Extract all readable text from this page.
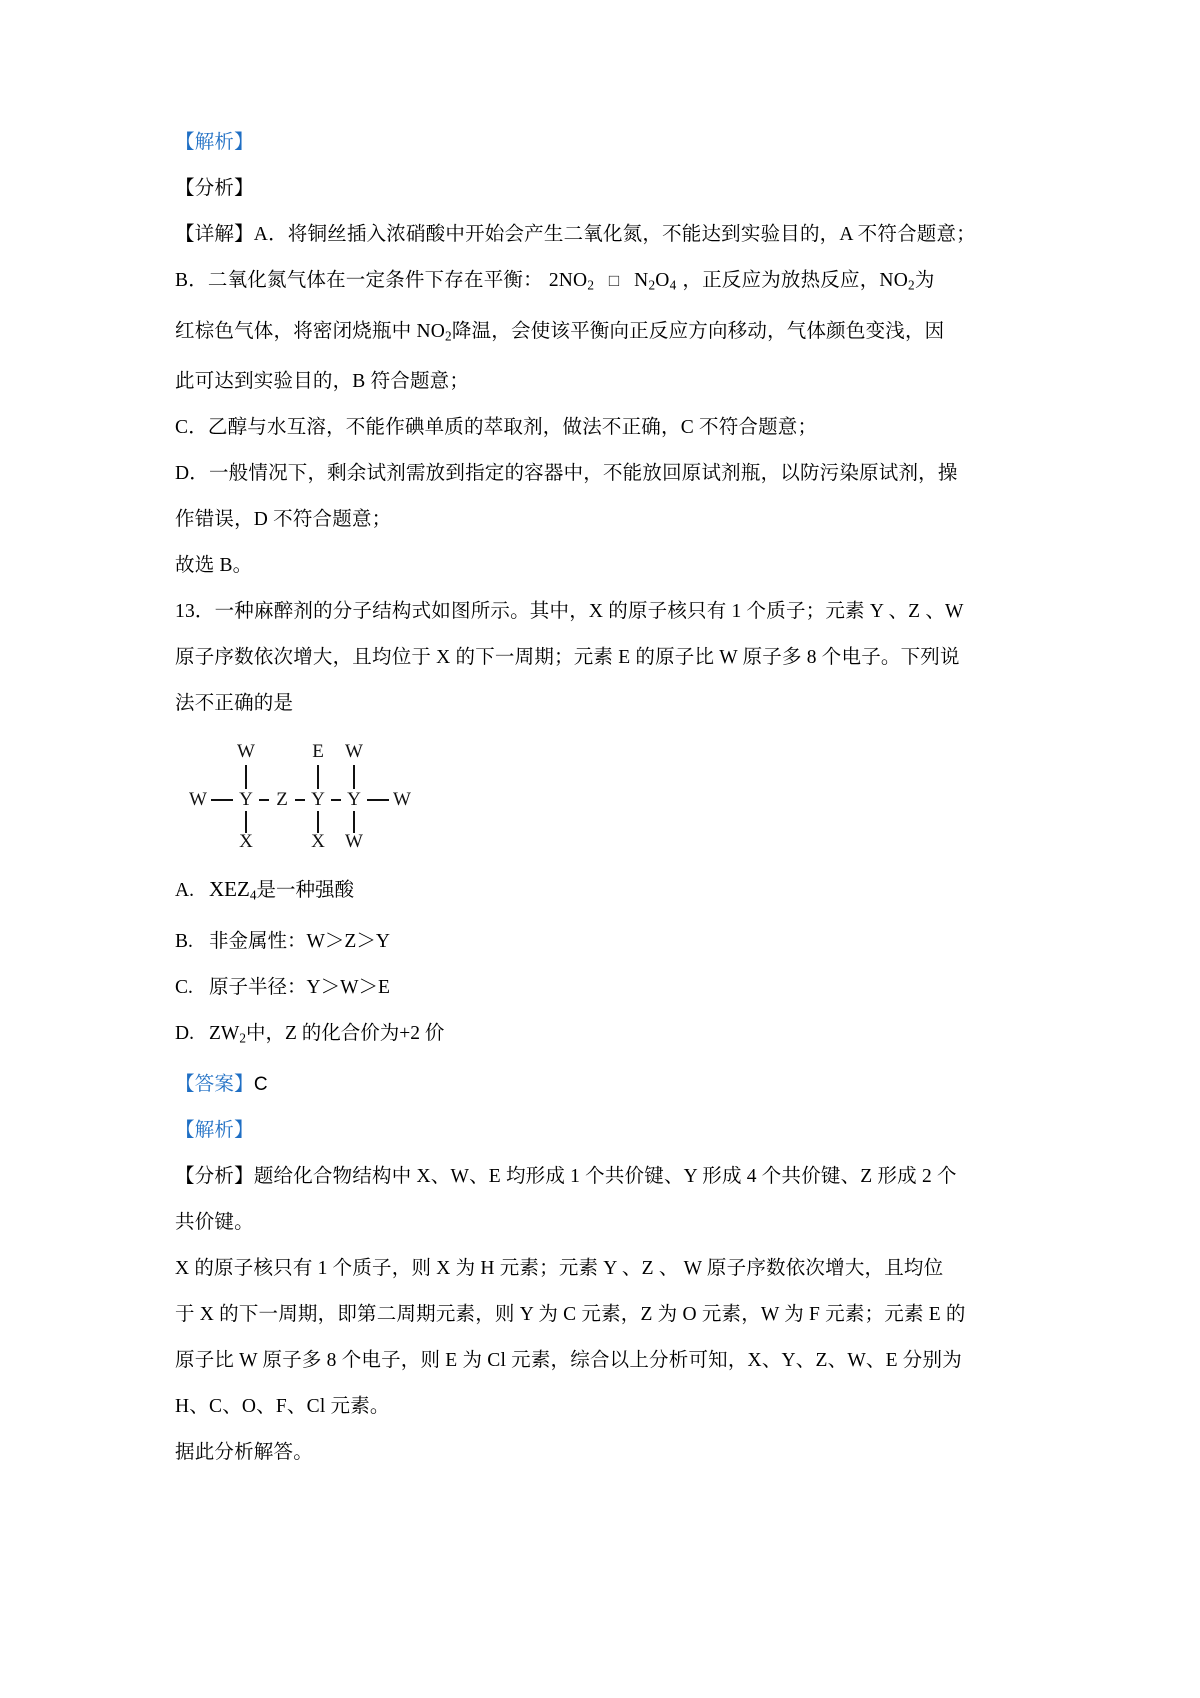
【解析】

【分析】

【详解】A．将铜丝插入浓硝酸中开始会产生二氧化氮，不能达到实验目的，A 不符合题意；

B．二氧化氮气体在一定条件下存在平衡： $2NO_2$ □ $N_2O_4$ ，正反应为放热反应，$NO_2$为

红棕色气体，将密闭烧瓶中 $NO_2$降温，会使该平衡向正反应方向移动，气体颜色变浅，因

此可达到实验目的，B 符合题意；

C．乙醇与水互溶，不能作碘单质的萃取剂，做法不正确，C 不符合题意；

D．一般情况下，剩余试剂需放到指定的容器中，不能放回原试剂瓶，以防污染原试剂，操

作错误，D 不符合题意；

故选 B。

13．一种麻醉剂的分子结构式如图所示。其中，X 的原子核只有 1 个质子；元素 Y 、Z 、W

原子序数依次增大，且均位于 X 的下一周期；元素 E 的原子比 W 原子多 8 个电子。下列说

法不正确的是

W	E W
W Y Z Y Y W
X	X W

A. $XEZ_4$是一种强酸

B. 非金属性：W＞Z＞Y

C. 原子半径：Y＞W＞E

D. $ZW_2$中，Z 的化合价为+2 价

【答案】C

【解析】

【分析】题给化合物结构中 X、W、E 均形成 1 个共价键、Y 形成 4 个共价键、Z 形成 2 个

共价键。

X 的原子核只有 1 个质子，则 X 为 H 元素；元素 Y 、Z 、 W 原子序数依次增大，且均位

于 X 的下一周期，即第二周期元素，则 Y 为 C 元素，Z 为 O 元素，W 为 F 元素；元素 E 的

原子比 W 原子多 8 个电子，则 E 为 Cl 元素，综合以上分析可知，X、Y、Z、W、E 分别为

H、C、O、F、Cl 元素。

据此分析解答。
